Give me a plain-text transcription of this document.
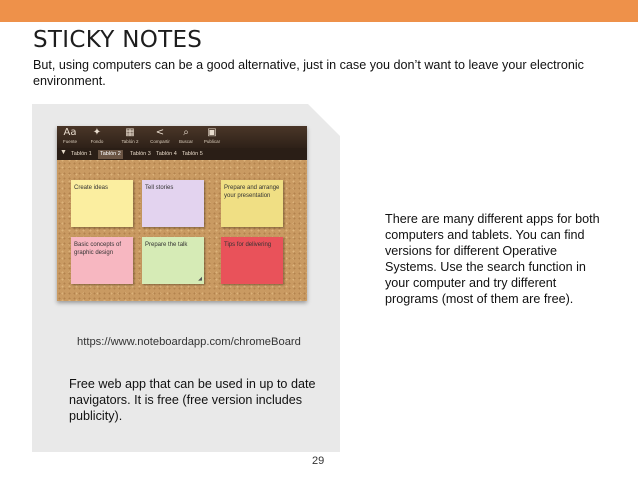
STICKY NOTES
But, using computers can be a good alternative, just in case you don’t want to leave your electronic environment.
Aa
Fuente
✦
Fondo
▦
Tablón 2
<
Compartir
⌕
Buscar
▣
Publicar
▼ Tablón 1	Tablón 2	Tablón 3 Tablón 4 Tablón 5
Create ideas	Tell stories	Prepare and arrange your presentation
Basic concepts of graphic design
Prepare the talk
◢
Tips for delivering
https://www.noteboardapp.com/chromeBoard
Free web app that can be used in up to date navigators. It is free (free version includes publicity).
There are many different apps for both computers and tablets. You can find versions for different Operative Systems. Use the search function in your computer and try different programs (most of them are free).
29
